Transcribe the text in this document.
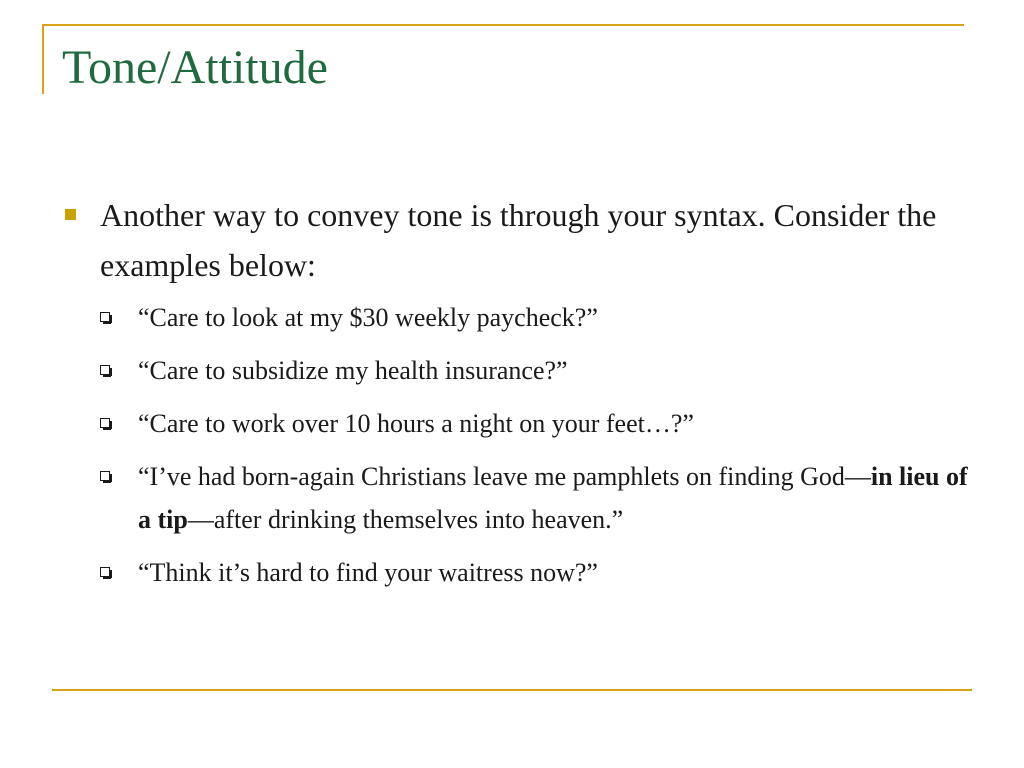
Tone/Attitude
Another way to convey tone is through your syntax. Consider the examples below:
“Care to look at my $30 weekly paycheck?”
“Care to subsidize my health insurance?”
“Care to work over 10 hours a night on your feet…?”
“I’ve had born-again Christians leave me pamphlets on finding God—in lieu of a tip—after drinking themselves into heaven.”
“Think it’s hard to find your waitress now?”
